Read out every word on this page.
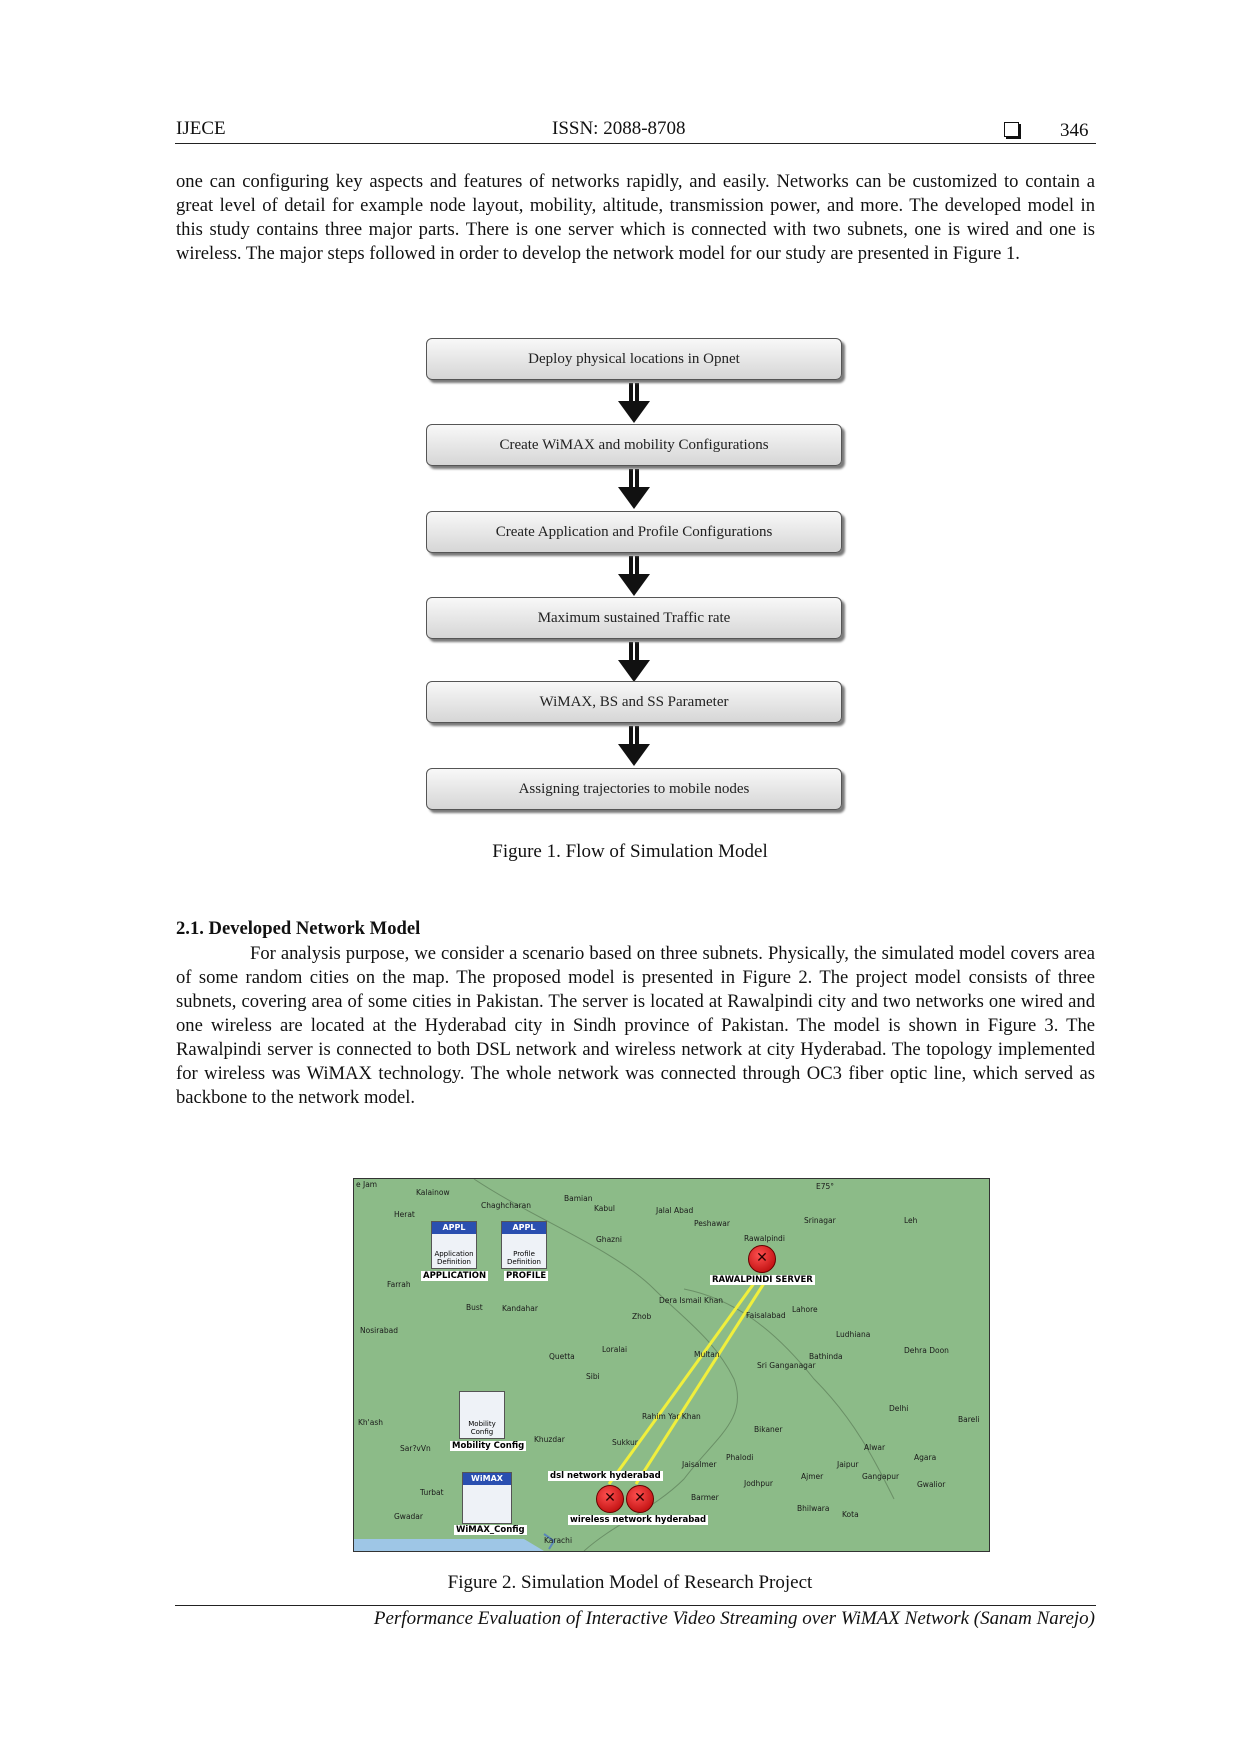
IJECE	ISSN: 2088-8708	346

one can configuring key aspects and features of networks rapidly, and easily. Networks can be customized to contain a great level of detail for example node layout, mobility, altitude, transmission power, and more. The developed model in this study contains three major parts. There is one server which is connected with two subnets, one is wired and one is wireless. The major steps followed in order to develop the network model for our study are presented in Figure 1.

Deploy physical locations in Opnet
Create WiMAX and mobility Configurations
Create Application and Profile Configurations
Maximum sustained Traffic rate
WiMAX, BS and SS Parameter
Assigning trajectories to mobile nodes
Figure 1. Flow of Simulation Model
2.1. Developed Network Model

For analysis purpose, we consider a scenario based on three subnets. Physically, the simulated model covers area of some random cities on the map. The proposed model is presented in Figure 2. The project model consists of three subnets, covering area of some cities in Pakistan. The server is located at Rawalpindi city and two networks one wired and one wireless are located at the Hyderabad city in Sindh province of Pakistan. The model is shown in Figure 3. The Rawalpindi server is connected to both DSL network and wireless network at city Hyderabad. The topology implemented for wireless was WiMAX technology. The whole network was connected through OC3 fiber optic line, which served as backbone to the network model.

e Jam
Kalainow
Bamian
E75°
Herat
Chaghcharan	Kabul	Jalal Abad
Peshawar	Srinagar	Leh
Ghazni	Rawalpindi
Farrah
Dera Ismail Khan
Lahore
Bust	Kandahar
Zhob	Faisalabad
Nosirabad	Ludhiana
Loralai
Quetta	Multan	Bathinda
Sri Ganganagar
Dehra Doon
Sibi
Delhi
Bareli
Kh'ash
Rahim Yar Khan
Bikaner
Khuzdar	Sukkur
Alwar
Agara
Sar?vVn
Jaisalmer
Phalodi
Jaipur
Ajmer	Gangapur
Gwalior
Jodhpur
Turbat
Barmer
Bhilwara
Kota
Gwadar
Karachi
APPL
Application Definition
APPLICATION
APPL
Profile Definition
PROFILE
Mobility Config
Mobility Config
WiMAX
WiMAX_Config
✕
RAWALPINDI SERVER
✕
dsl network hyderabad
✕
wireless network hyderabad
Figure 2. Simulation Model of Research Project
Performance Evaluation of Interactive Video Streaming over WiMAX Network (Sanam Narejo)
